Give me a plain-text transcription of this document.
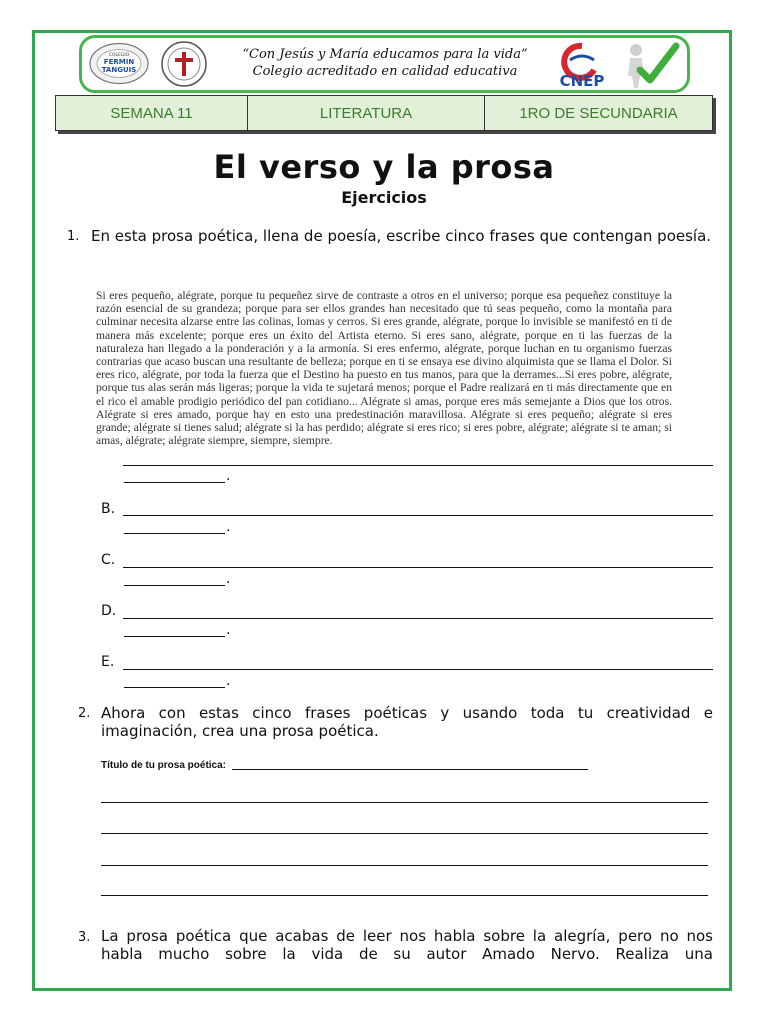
COLEGIO
FERMIN
TANGUIS
“Con Jesús y María educamos para la vida”
Colegio acreditado en calidad educativa
CNEP
SEMANA 11	LITERATURA	1RO DE SECUNDARIA
El verso y la prosa
Ejercicios
1. En esta prosa poética, llena de poesía, escribe cinco frases que contengan poesía.
Si eres pequeño, alégrate, porque tu pequeñez sirve de contraste a otros en el universo; porque esa pequeñez constituye la razón esencial de su grandeza; porque para ser ellos grandes han necesitado que tú seas pequeño, como la montaña para culminar necesita alzarse entre las colinas, lomas y cerros. Si eres grande, alégrate, porque lo invisible se manifestó en ti de manera más excelente; porque eres un éxito del Artista eterno. Si eres sano, alégrate, porque en ti las fuerzas de la naturaleza han llegado a la ponderación y a la armonía. Si eres enfermo, alégrate, porque luchan en tu organismo fuerzas contrarias que acaso buscan una resultante de belleza; porque en ti se ensaya ese divino alquimista que se llama el Dolor. Si eres rico, alégrate, por toda la fuerza que el Destino ha puesto en tus manos, para que la derrames...Si eres pobre, alégrate, porque tus alas serán más ligeras; porque la vida te sujetará menos; porque el Padre realizará en ti más directamente que en el rico el amable prodigio periódico del pan cotidiano... Alégrate si amas, porque eres más semejante a Dios que los otros. Alégrate si eres amado, porque hay en esto una predestinación maravillosa. Alégrate si eres pequeño; alégrate si eres grande; alégrate si tienes salud; alégrate si la has perdido; alégrate si eres rico; si eres pobre, alégrate; alégrate si te aman; si amas, alégrate; alégrate siempre, siempre, siempre.
.
B.
.
C.
.
D.
.
E.
.
2. Ahora con estas cinco frases poéticas y usando toda tu creatividad e imaginación, crea una prosa poética.
Título de tu prosa poética:
3. La prosa poética que acabas de leer nos habla sobre la alegría, pero no nos habla mucho sobre la vida de su autor Amado Nervo. Realiza una
